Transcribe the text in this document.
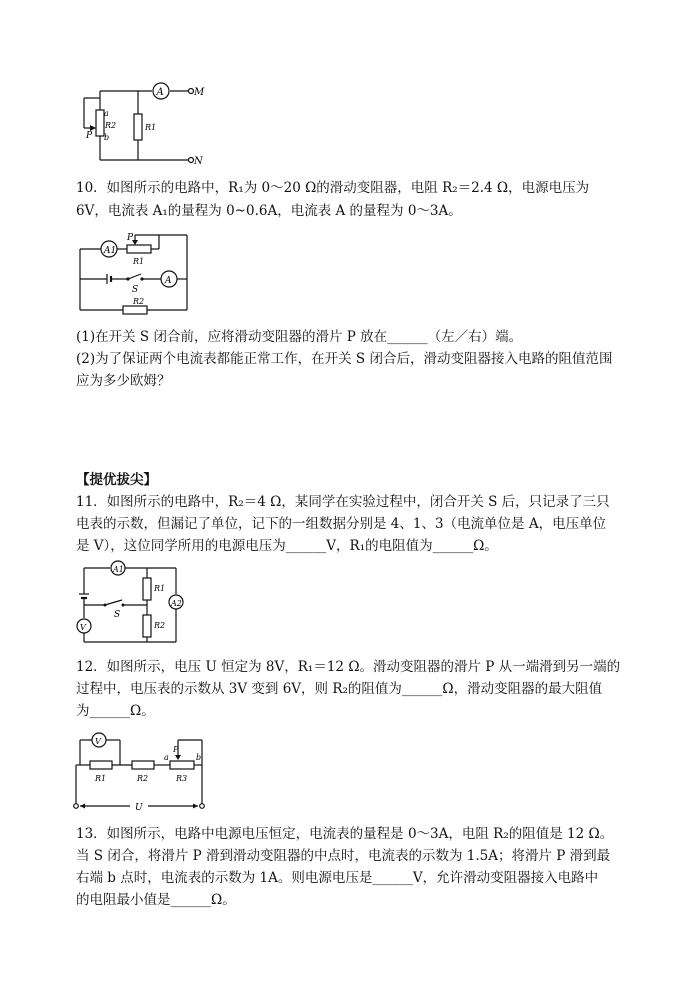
A	M
a
R2
b
P
R1
N
10．如图所示的电路中，R₁为 0～20 Ω的滑动变阻器，电阻 R₂＝2.4 Ω，电源电压为
6V，电流表 A₁的量程为 0~0.6A，电流表 A 的量程为 0～3A。
A1
P
R1
S
A
R2
(1)在开关 S 闭合前，应将滑动变阻器的滑片 P 放在______（左／右）端。
(2)为了保证两个电流表都能正常工作，在开关 S 闭合后，滑动变阻器接入电路的阻值范围
应为多少欧姆？
【提优拔尖】
11．如图所示的电路中，R₂＝4 Ω，某同学在实验过程中，闭合开关 S 后，只记录了三只
电表的示数，但漏记了单位，记下的一组数据分别是 4、1、3（电流单位是 A，电压单位
是 V），这位同学所用的电源电压为______V，R₁的电阻值为______Ω。
A1
V
S
R1
R2
A2
12．如图所示，电压 U 恒定为 8V，R₁＝12 Ω。滑动变阻器的滑片 P 从一端滑到另一端的
过程中，电压表的示数从 3V 变到 6V，则 R₂的阻值为______Ω，滑动变阻器的最大阻值
为______Ω。
V
R1	R2	R3
a	b
P
U
13．如图所示，电路中电源电压恒定，电流表的量程是 0～3A，电阻 R₂的阻值是 12 Ω。
当 S 闭合，将滑片 P 滑到滑动变阻器的中点时，电流表的示数为 1.5A；将滑片 P 滑到最
右端 b 点时，电流表的示数为 1A。则电源电压是______V，允许滑动变阻器接入电路中
的电阻最小值是______Ω。
